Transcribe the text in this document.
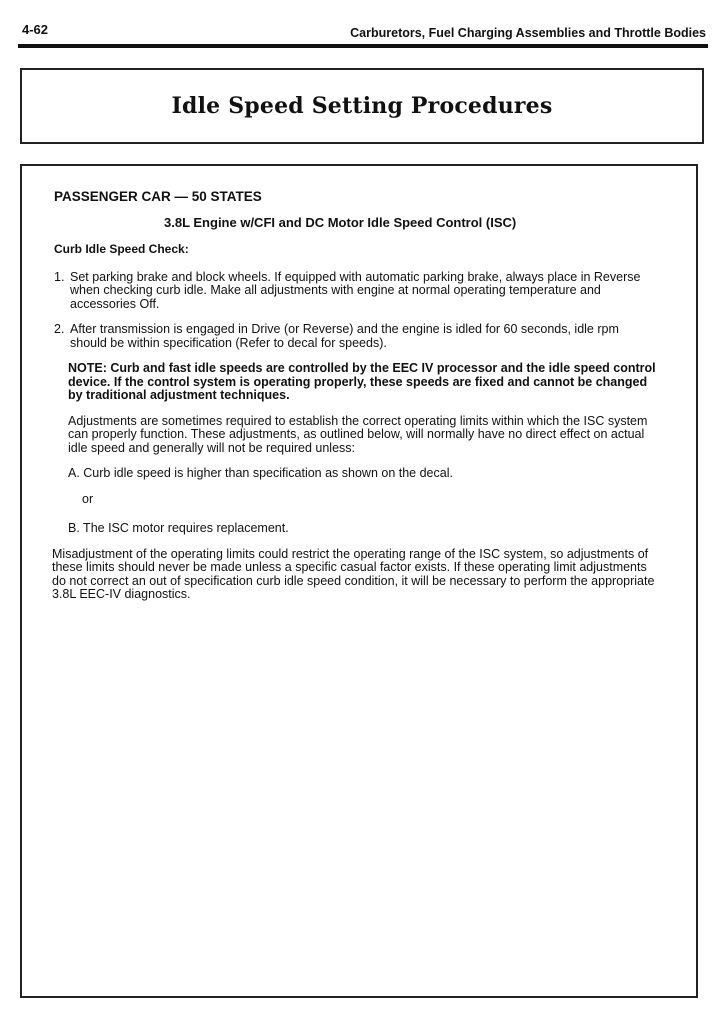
4-62	Carburetors, Fuel Charging Assemblies and Throttle Bodies
Idle Speed Setting Procedures
PASSENGER CAR — 50 STATES
3.8L Engine w/CFI and DC Motor Idle Speed Control (ISC)
Curb Idle Speed Check:
1. Set parking brake and block wheels. If equipped with automatic parking brake, always place in Reverse when checking curb idle. Make all adjustments with engine at normal operating temperature and accessories Off.
2. After transmission is engaged in Drive (or Reverse) and the engine is idled for 60 seconds, idle rpm should be within specification (Refer to decal for speeds).
NOTE: Curb and fast idle speeds are controlled by the EEC IV processor and the idle speed control device. If the control system is operating properly, these speeds are fixed and cannot be changed by traditional adjustment techniques.
Adjustments are sometimes required to establish the correct operating limits within which the ISC system can properly function. These adjustments, as outlined below, will normally have no direct effect on actual idle speed and generally will not be required unless:
A. Curb idle speed is higher than specification as shown on the decal.
or
B. The ISC motor requires replacement.
Misadjustment of the operating limits could restrict the operating range of the ISC system, so adjustments of these limits should never be made unless a specific casual factor exists. If these operating limit adjustments do not correct an out of specification curb idle speed condition, it will be necessary to perform the appropriate 3.8L EEC-IV diagnostics.
